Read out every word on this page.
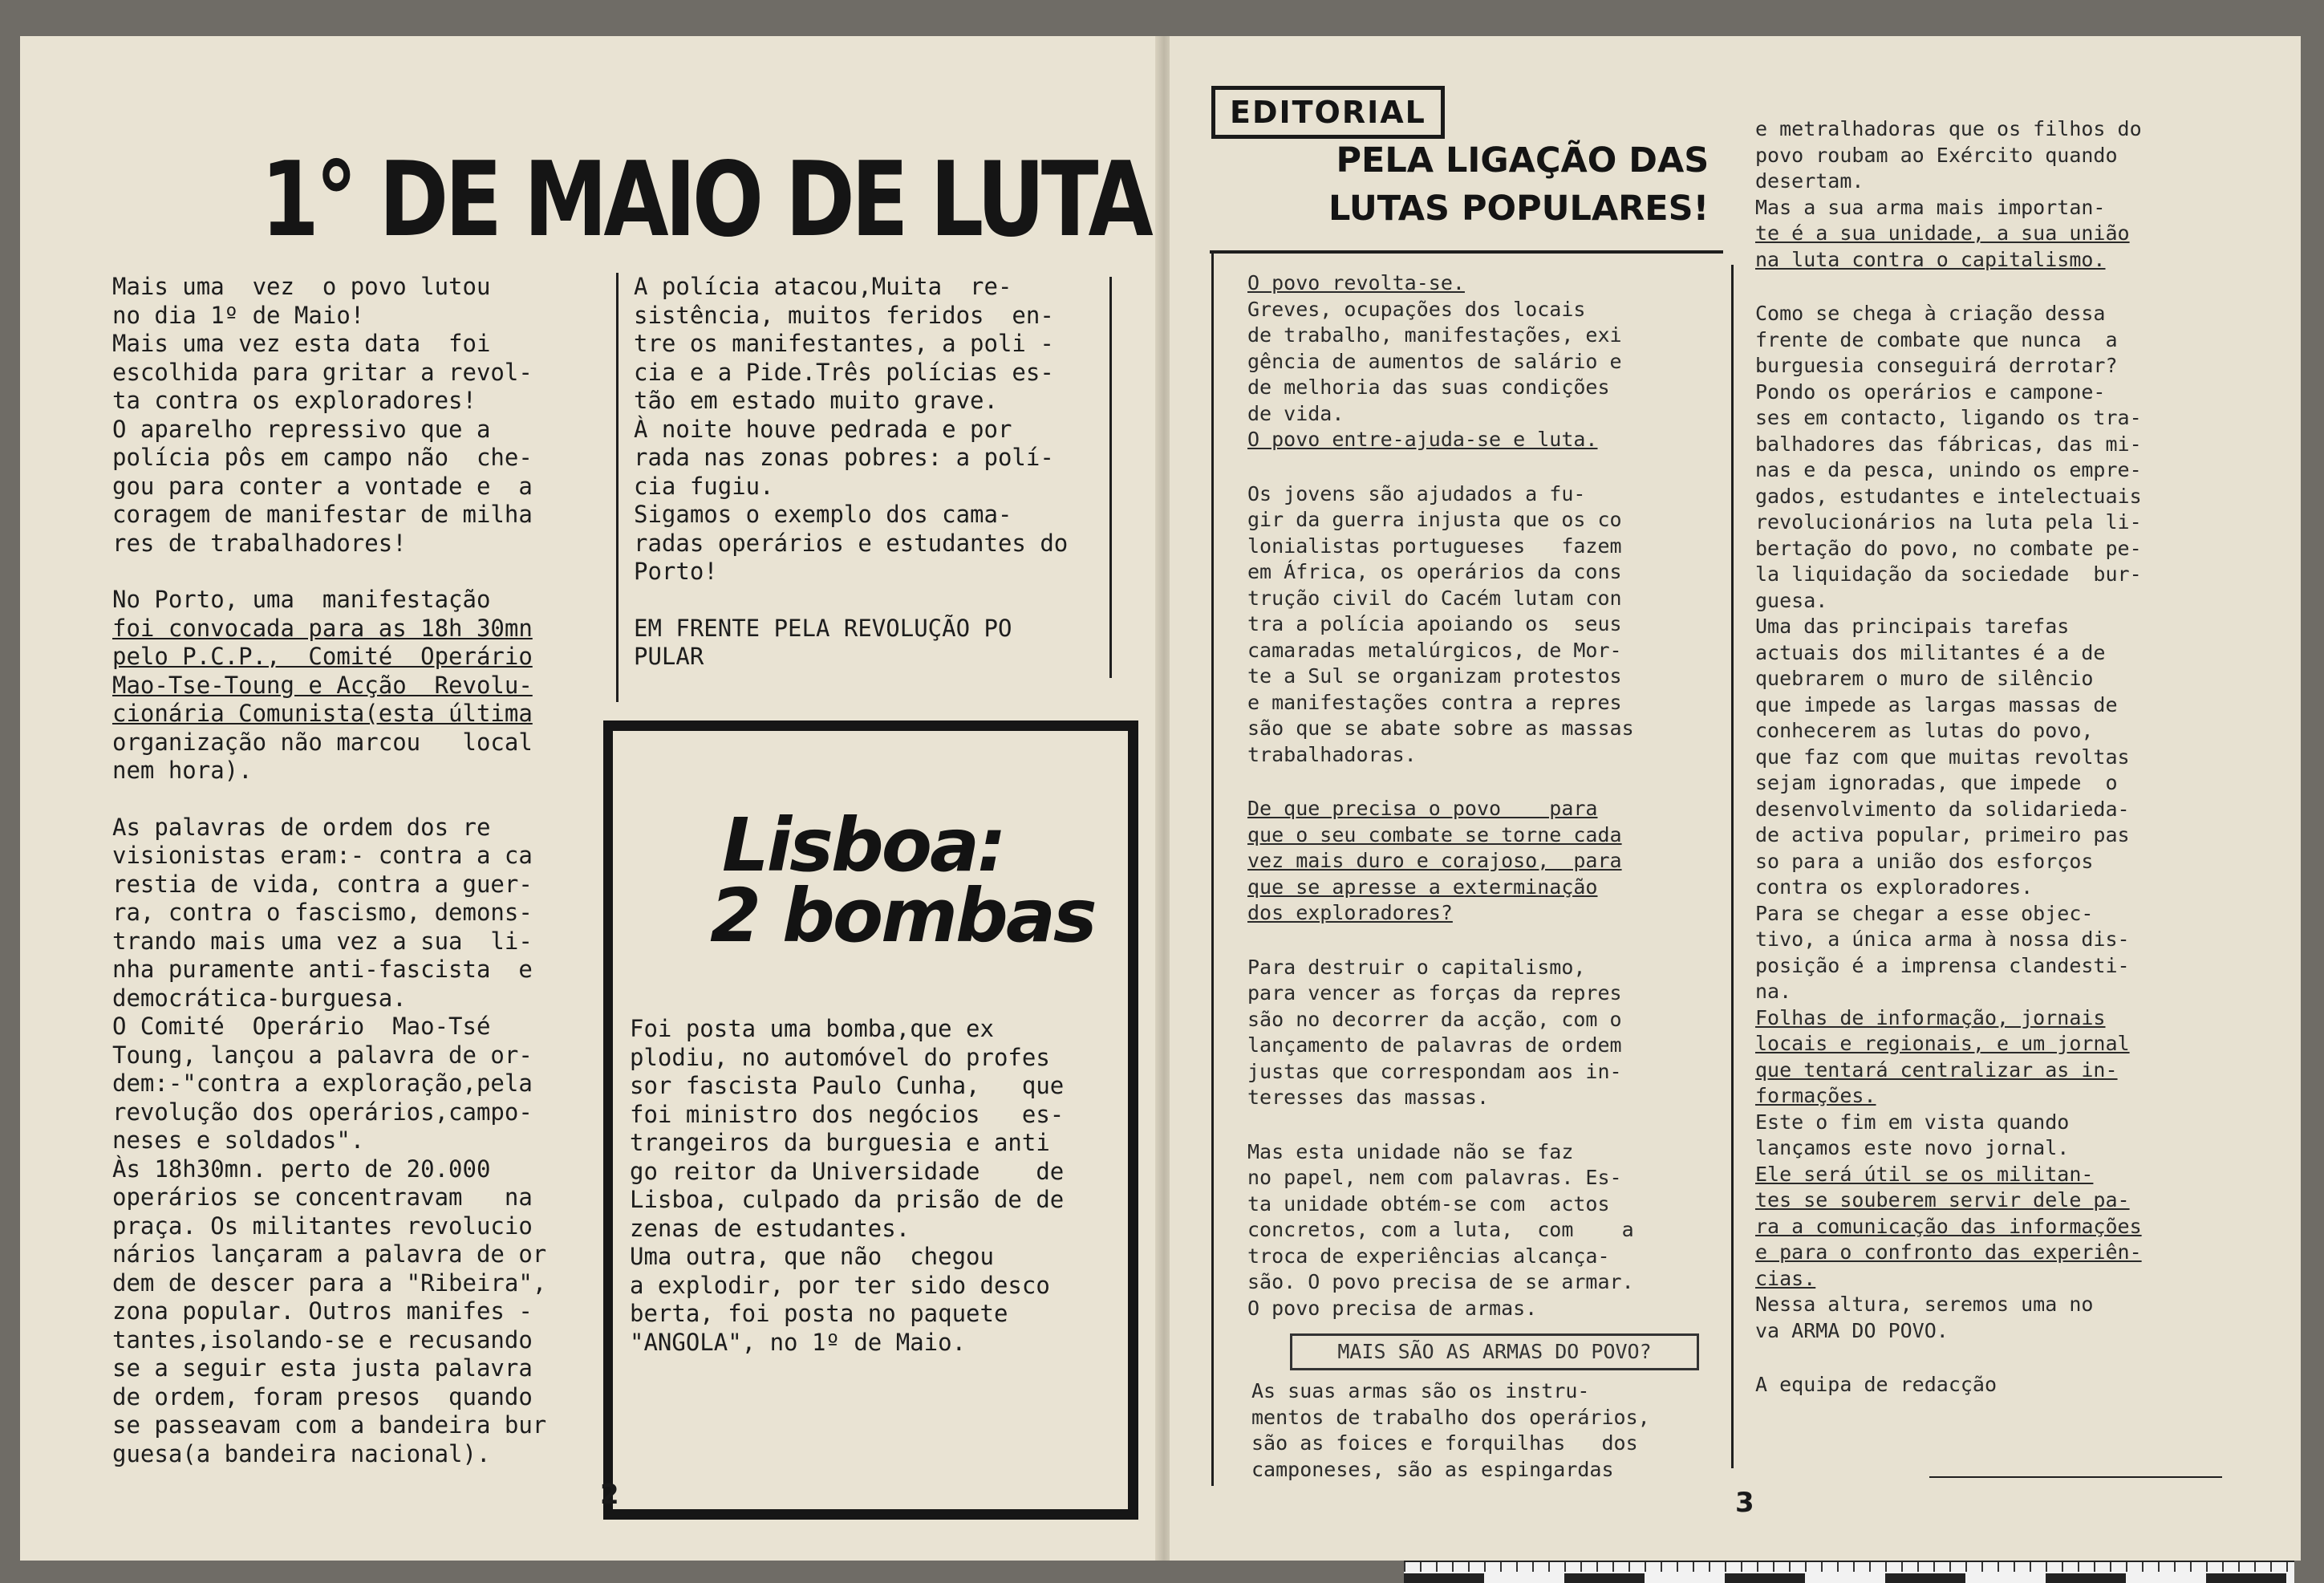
1° DE MAIO DE LUTA

Mais uma  vez  o povo lutou

no dia 1º de Maio!

Mais uma vez esta data  foi

escolhida para gritar a revol-

ta contra os exploradores!

O aparelho repressivo que a

polícia pôs em campo não  che-

gou para conter a vontade e  a

coragem de manifestar de milha

res de trabalhadores!

No Porto, uma  manifestação

foi convocada para as 18h 30mn

pelo P.C.P.,  Comité  Operário

Mao-Tse-Toung e Acção  Revolu-

cionária Comunista(esta última

organização não marcou   local

nem hora).

As palavras de ordem dos re

visionistas eram:- contra a ca

restia de vida, contra a guer-

ra, contra o fascismo, demons-

trando mais uma vez a sua  li-

nha puramente anti-fascista  e

democrática-burguesa.

O Comité  Operário  Mao-Tsé

Toung, lançou a palavra de or-

dem:-"contra a exploração,pela

revolução dos operários,campo-

neses e soldados".

Às 18h30mn. perto de 20.000

operários se concentravam   na

praça. Os militantes revolucio

nários lançaram a palavra de or

dem de descer para a "Ribeira",

zona popular. Outros manifes -

tantes,isolando-se e recusando

se a seguir esta justa palavra

de ordem, foram presos  quando

se passeavam com a bandeira bur

guesa(a bandeira nacional).

A polícia atacou,Muita  re-

sistência, muitos feridos  en-

tre os manifestantes, a poli -

cia e a Pide.Três polícias es-

tão em estado muito grave.

À noite houve pedrada e por

rada nas zonas pobres: a polí-

cia fugiu.

Sigamos o exemplo dos cama-

radas operários e estudantes do

Porto!

EM FRENTE PELA REVOLUÇÃO PO

PULAR

Lisboa:
2 bombas

Foi posta uma bomba,que ex

plodiu, no automóvel do profes

sor fascista Paulo Cunha,   que

foi ministro dos negócios   es-

trangeiros da burguesia e anti

go reitor da Universidade    de

Lisboa, culpado da prisão de de

zenas de estudantes.

Uma outra, que não  chegou

a explodir, por ter sido desco

berta, foi posta no paquete

"ANGOLA", no 1º de Maio.

2
EDITORIAL
PELA LIGAÇÃO DAS
LUTAS POPULARES!

O povo revolta-se.

Greves, ocupações dos locais

de trabalho, manifestações, exi

gência de aumentos de salário e

de melhoria das suas condições

de vida.

O povo entre-ajuda-se e luta.

Os jovens são ajudados a fu-

gir da guerra injusta que os co

lonialistas portugueses   fazem

em África, os operários da cons

trução civil do Cacém lutam con

tra a polícia apoiando os  seus

camaradas metalúrgicos, de Mor-

te a Sul se organizam protestos

e manifestações contra a repres

são que se abate sobre as massas

trabalhadoras.

De que precisa o povo    para

que o seu combate se torne cada

vez mais duro e corajoso,  para

que se apresse a exterminação

dos exploradores?

Para destruir o capitalismo,

para vencer as forças da repres

são no decorrer da acção, com o

lançamento de palavras de ordem

justas que correspondam aos in-

teresses das massas.

Mas esta unidade não se faz

no papel, nem com palavras. Es-

ta unidade obtém-se com  actos

concretos, com a luta,  com    a

troca de experiências alcança-

são. O povo precisa de se armar.

O povo precisa de armas.

MAIS SÃO AS ARMAS DO POVO?

As suas armas são os instru-

mentos de trabalho dos operários,

são as foices e forquilhas   dos

camponeses, são as espingardas

e metralhadoras que os filhos do

povo roubam ao Exército quando

desertam.

Mas a sua arma mais importan-

te é a sua unidade, a sua união

na luta contra o capitalismo.

Como se chega à criação dessa

frente de combate que nunca  a

burguesia conseguirá derrotar?

Pondo os operários e campone-

ses em contacto, ligando os tra-

balhadores das fábricas, das mi-

nas e da pesca, unindo os empre-

gados, estudantes e intelectuais

revolucionários na luta pela li-

bertação do povo, no combate pe-

la liquidação da sociedade  bur-

guesa.

Uma das principais tarefas

actuais dos militantes é a de

quebrarem o muro de silêncio

que impede as largas massas de

conhecerem as lutas do povo,

que faz com que muitas revoltas

sejam ignoradas, que impede  o

desenvolvimento da solidarieda-

de activa popular, primeiro pas

so para a união dos esforços

contra os exploradores.

Para se chegar a esse objec-

tivo, a única arma à nossa dis-

posição é a imprensa clandesti-

na.

Folhas de informação, jornais

locais e regionais, e um jornal

que tentará centralizar as in-

formações.

Este o fim em vista quando

lançamos este novo jornal.

Ele será útil se os militan-

tes se souberem servir dele pa-

ra a comunicação das informações

e para o confronto das experiên-

cias.

Nessa altura, seremos uma no

va ARMA DO POVO.

A equipa de redacção

3
